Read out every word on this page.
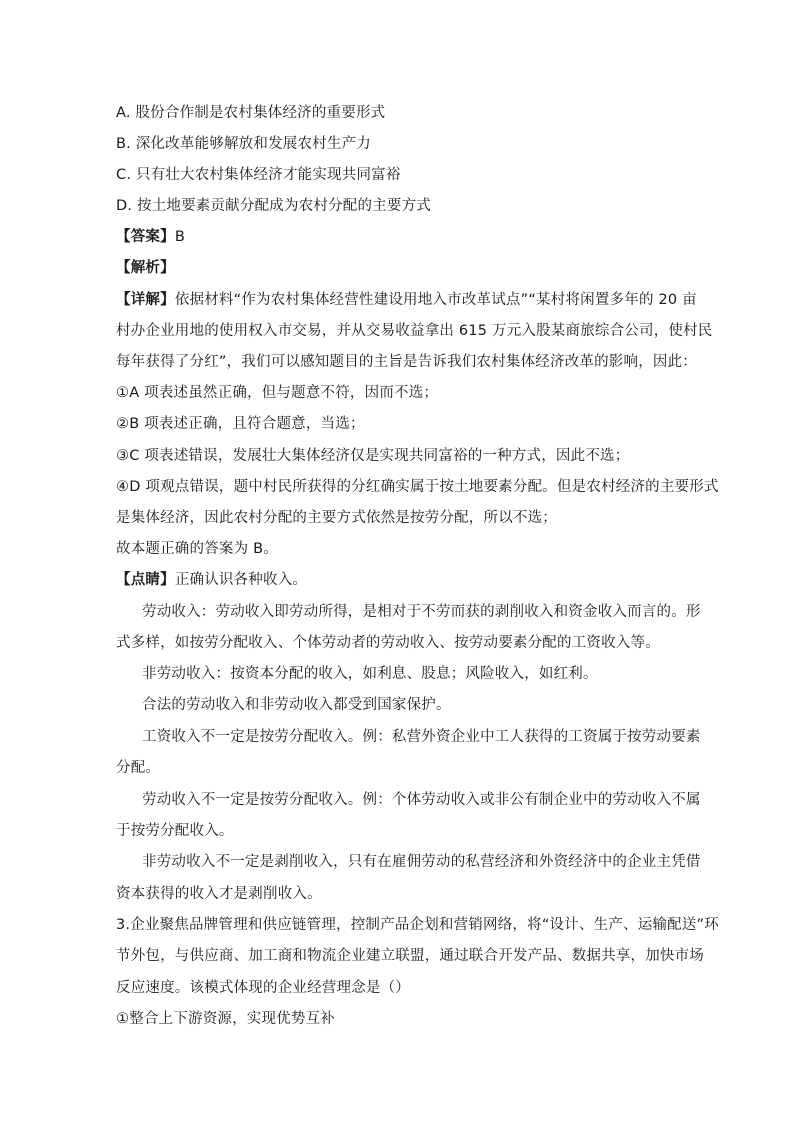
A. 股份合作制是农村集体经济的重要形式
B. 深化改革能够解放和发展农村生产力
C. 只有壮大农村集体经济才能实现共同富裕
D. 按土地要素贡献分配成为农村分配的主要方式
【答案】B
【解析】
【详解】依据材料“作为农村集体经营性建设用地入市改革试点”“某村将闲置多年的 20 亩
村办企业用地的使用权入市交易，并从交易收益拿出 615 万元入股某商旅综合公司，使村民
每年获得了分红”，我们可以感知题目的主旨是告诉我们农村集体经济改革的影响，因此：
①A 项表述虽然正确，但与题意不符，因而不选；
②B 项表述正确，且符合题意，当选；
③C 项表述错误，发展壮大集体经济仅是实现共同富裕的一种方式，因此不选；
④D 项观点错误，题中村民所获得的分红确实属于按土地要素分配。但是农村经济的主要形式
是集体经济，因此农村分配的主要方式依然是按劳分配，所以不选；
故本题正确的答案为 B。
【点睛】正确认识各种收入。
劳动收入：劳动收入即劳动所得，是相对于不劳而获的剥削收入和资金收入而言的。形
式多样，如按劳分配收入、个体劳动者的劳动收入、按劳动要素分配的工资收入等。
非劳动收入：按资本分配的收入，如利息、股息；风险收入，如红利。
合法的劳动收入和非劳动收入都受到国家保护。
工资收入不一定是按劳分配收入。例：私营外资企业中工人获得的工资属于按劳动要素
分配。
劳动收入不一定是按劳分配收入。例：个体劳动收入或非公有制企业中的劳动收入不属
于按劳分配收入。
非劳动收入不一定是剥削收入，只有在雇佣劳动的私营经济和外资经济中的企业主凭借
资本获得的收入才是剥削收入。
3.企业聚焦品牌管理和供应链管理，控制产品企划和营销网络，将“设计、生产、运输配送”环
节外包，与供应商、加工商和物流企业建立联盟，通过联合开发产品、数据共享，加快市场
反应速度。该模式体现的企业经营理念是（）
①整合上下游资源，实现优势互补
